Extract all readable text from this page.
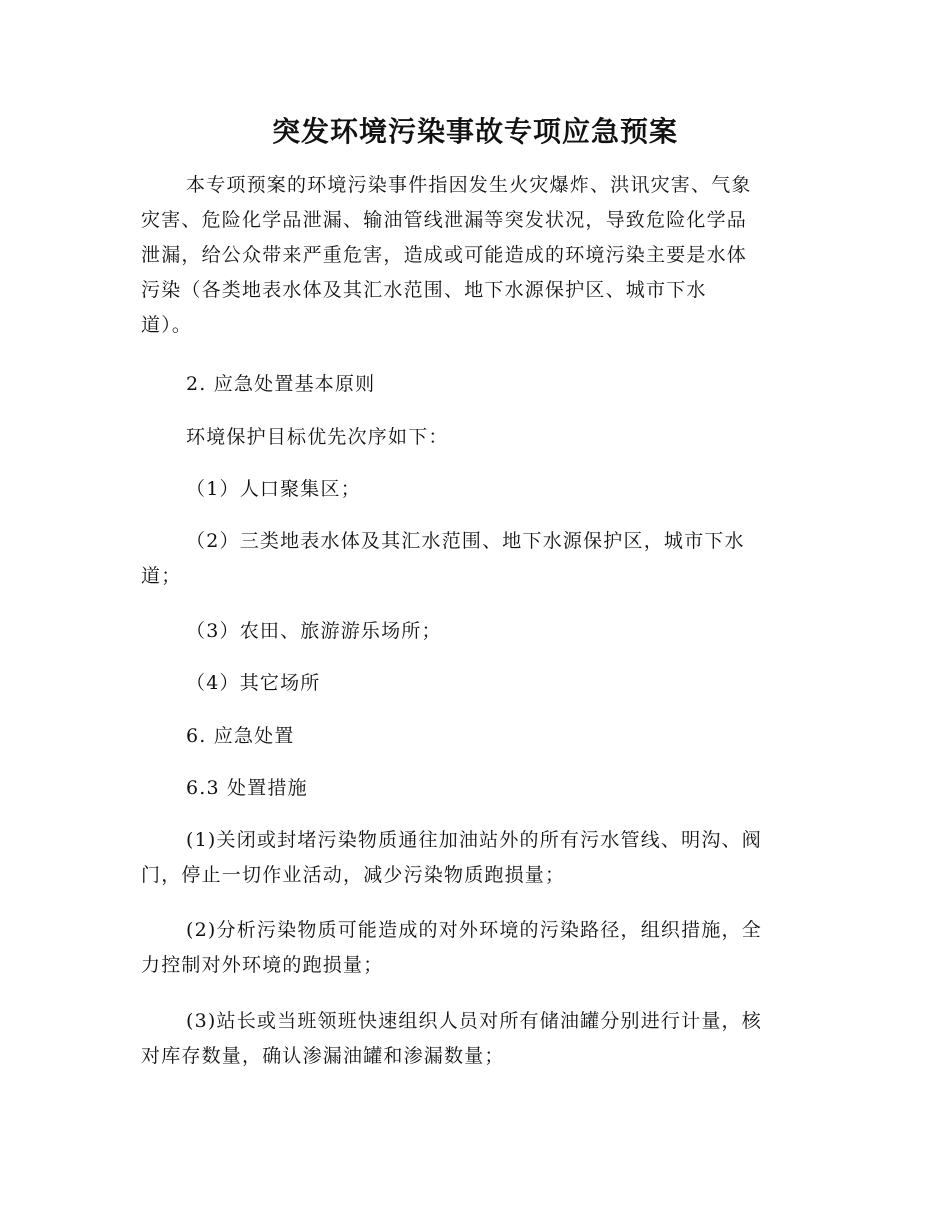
突发环境污染事故专项应急预案
本专项预案的环境污染事件指因发生火灾爆炸、洪讯灾害、气象
灾害、危险化学品泄漏、输油管线泄漏等突发状况，导致危险化学品
泄漏，给公众带来严重危害，造成或可能造成的环境污染主要是水体
污染（各类地表水体及其汇水范围、地下水源保护区、城市下水
道）。
2. 应急处置基本原则
环境保护目标优先次序如下：
（1）人口聚集区；
（2）三类地表水体及其汇水范围、地下水源保护区，城市下水
道；
（3）农田、旅游游乐场所；
（4）其它场所
6. 应急处置
6.3 处置措施
(1)关闭或封堵污染物质通往加油站外的所有污水管线、明沟、阀
门，停止一切作业活动，减少污染物质跑损量；
(2)分析污染物质可能造成的对外环境的污染路径，组织措施，全
力控制对外环境的跑损量；
(3)站长或当班领班快速组织人员对所有储油罐分别进行计量，核
对库存数量，确认渗漏油罐和渗漏数量；
